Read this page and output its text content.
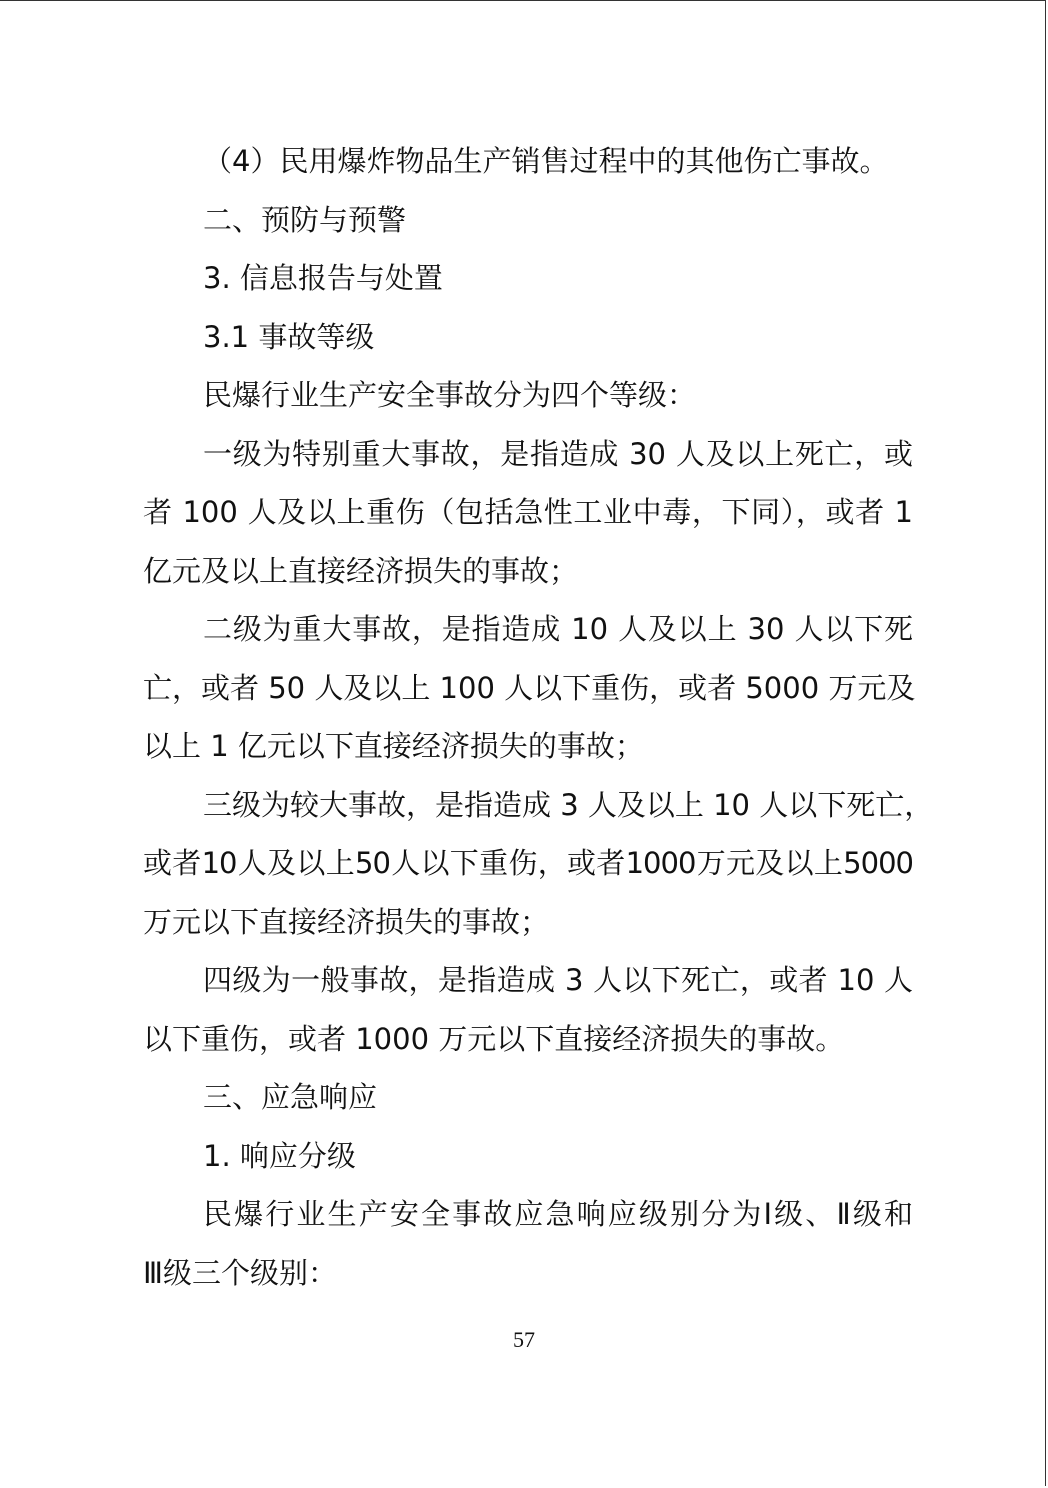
（4）民用爆炸物品生产销售过程中的其他伤亡事故。
二、预防与预警
3. 信息报告与处置
3.1 事故等级
民爆行业生产安全事故分为四个等级：
一级为特别重大事故，是指造成 30 人及以上死亡，或
者 100 人及以上重伤（包括急性工业中毒，下同），或者 1
亿元及以上直接经济损失的事故；
二级为重大事故，是指造成 10 人及以上 30 人以下死
亡，或者 50 人及以上 100 人以下重伤，或者 5000 万元及
以上 1 亿元以下直接经济损失的事故；
三级为较大事故，是指造成 3 人及以上 10 人以下死亡，
或者10人及以上50人以下重伤，或者1000万元及以上5000
万元以下直接经济损失的事故；
四级为一般事故，是指造成 3 人以下死亡，或者 10 人
以下重伤，或者 1000 万元以下直接经济损失的事故。
三、应急响应
1. 响应分级
民爆行业生产安全事故应急响应级别分为Ⅰ级、Ⅱ级和
Ⅲ级三个级别：
57
